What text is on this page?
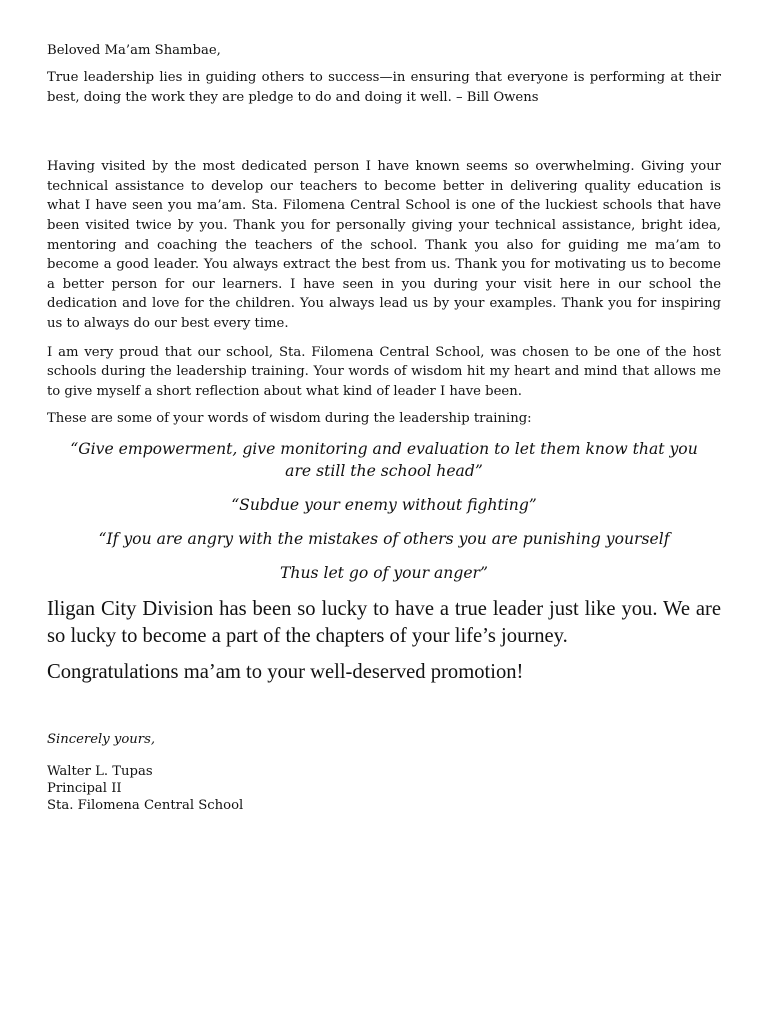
Beloved Ma’am Shambae,

True leadership lies in guiding others to success—in ensuring that everyone is performing at their best, doing the work they are pledge to do and doing it well. – Bill Owens

Having visited by the most dedicated person I have known seems so overwhelming. Giving your technical assistance to develop our teachers to become better in delivering quality education is what I have seen you ma’am. Sta. Filomena Central School is one of the luckiest schools that have been visited twice by you. Thank you for personally giving your technical assistance, bright idea, mentoring and coaching the teachers of the school. Thank you also for guiding me ma’am to become a good leader. You always extract the best from us. Thank you for motivating us to become a better person for our learners. I have seen in you during your visit here in our school the dedication and love for the children. You always lead us by your examples. Thank you for inspiring us to always do our best every time.

I am very proud that our school, Sta. Filomena Central School, was chosen to be one of the host schools during the leadership training. Your words of wisdom hit my heart and mind that allows me to give myself a short reflection about what kind of leader I have been.

These are some of your words of wisdom during the leadership training:

“Give empowerment, give monitoring and evaluation to let them know that you are still the school head”

“Subdue your enemy without fighting”

“If you are angry with the mistakes of others you are punishing yourself

Thus let go of your anger”

Iligan City Division has been so lucky to have a true leader just like you. We are so lucky to become a part of the chapters of your life’s journey.

Congratulations ma’am to your well-deserved promotion!

Sincerely yours,

Walter L. Tupas
Principal II
Sta. Filomena Central School
